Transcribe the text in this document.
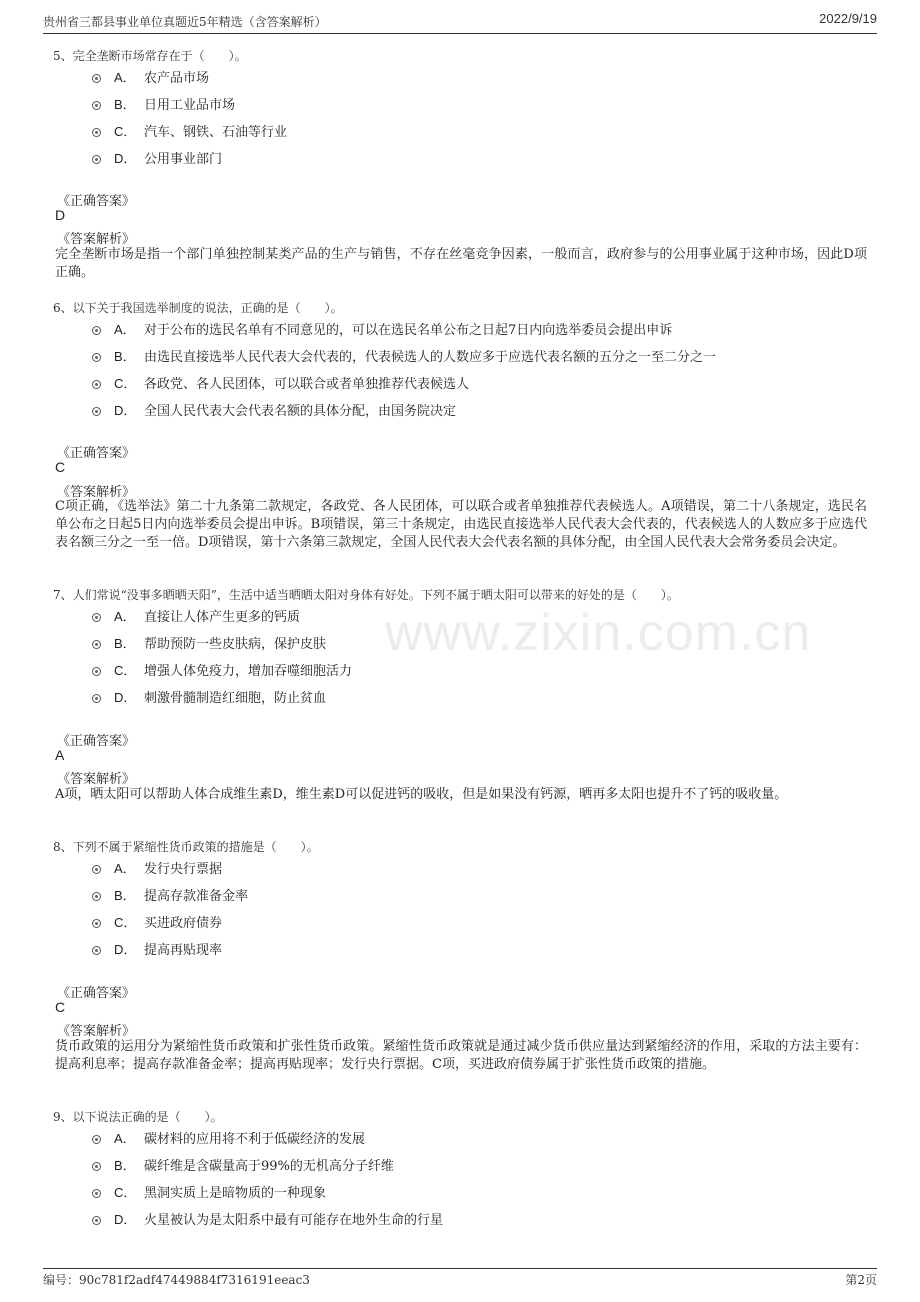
贵州省三都县事业单位真题近5年精选（含答案解析）	2022/9/19
www.zixin.com.cn
5、完全垄断市场常存在于（　　）。
A． 农产品市场
B． 日用工业品市场
C． 汽车、钢铁、石油等行业
D． 公用事业部门
《正确答案》
D
《答案解析》
完全垄断市场是指一个部门单独控制某类产品的生产与销售，不存在丝毫竞争因素，一般而言，政府参与的公用事业属于这种市场，因此D项正确。
6、以下关于我国选举制度的说法，正确的是（　　）。
A． 对于公布的选民名单有不同意见的，可以在选民名单公布之日起7日内向选举委员会提出申诉
B． 由选民直接选举人民代表大会代表的，代表候选人的人数应多于应选代表名额的五分之一至二分之一
C． 各政党、各人民团体，可以联合或者单独推荐代表候选人
D． 全国人民代表大会代表名额的具体分配，由国务院决定
《正确答案》
C
《答案解析》
C项正确，《选举法》第二十九条第二款规定，各政党、各人民团体，可以联合或者单独推荐代表候选人。A项错误，第二十八条规定，选民名单公布之日起5日内向选举委员会提出申诉。B项错误，第三十条规定，由选民直接选举人民代表大会代表的，代表候选人的人数应多于应选代表名额三分之一至一倍。D项错误，第十六条第三款规定，全国人民代表大会代表名额的具体分配，由全国人民代表大会常务委员会决定。
7、人们常说“没事多晒晒天阳”，生活中适当晒晒太阳对身体有好处。下列不属于晒太阳可以带来的好处的是（　　）。
A． 直接让人体产生更多的钙质
B． 帮助预防一些皮肤病，保护皮肤
C． 增强人体免疫力，增加吞噬细胞活力
D． 刺激骨髓制造红细胞，防止贫血
《正确答案》
A
《答案解析》
A项，晒太阳可以帮助人体合成维生素D，维生素D可以促进钙的吸收，但是如果没有钙源，晒再多太阳也提升不了钙的吸收量。
8、下列不属于紧缩性货币政策的措施是（　　）。
A． 发行央行票据
B． 提高存款准备金率
C． 买进政府债券
D． 提高再贴现率
《正确答案》
C
《答案解析》
货币政策的运用分为紧缩性货币政策和扩张性货币政策。紧缩性货币政策就是通过减少货币供应量达到紧缩经济的作用，采取的方法主要有：提高利息率；提高存款准备金率；提高再贴现率；发行央行票据。C项，买进政府债券属于扩张性货币政策的措施。
9、以下说法正确的是（　　）。
A． 碳材料的应用将不利于低碳经济的发展
B． 碳纤维是含碳量高于99%的无机高分子纤维
C． 黑洞实质上是暗物质的一种现象
D． 火星被认为是太阳系中最有可能存在地外生命的行星
编号：90c781f2adf47449884f7316191eeac3	第2页
